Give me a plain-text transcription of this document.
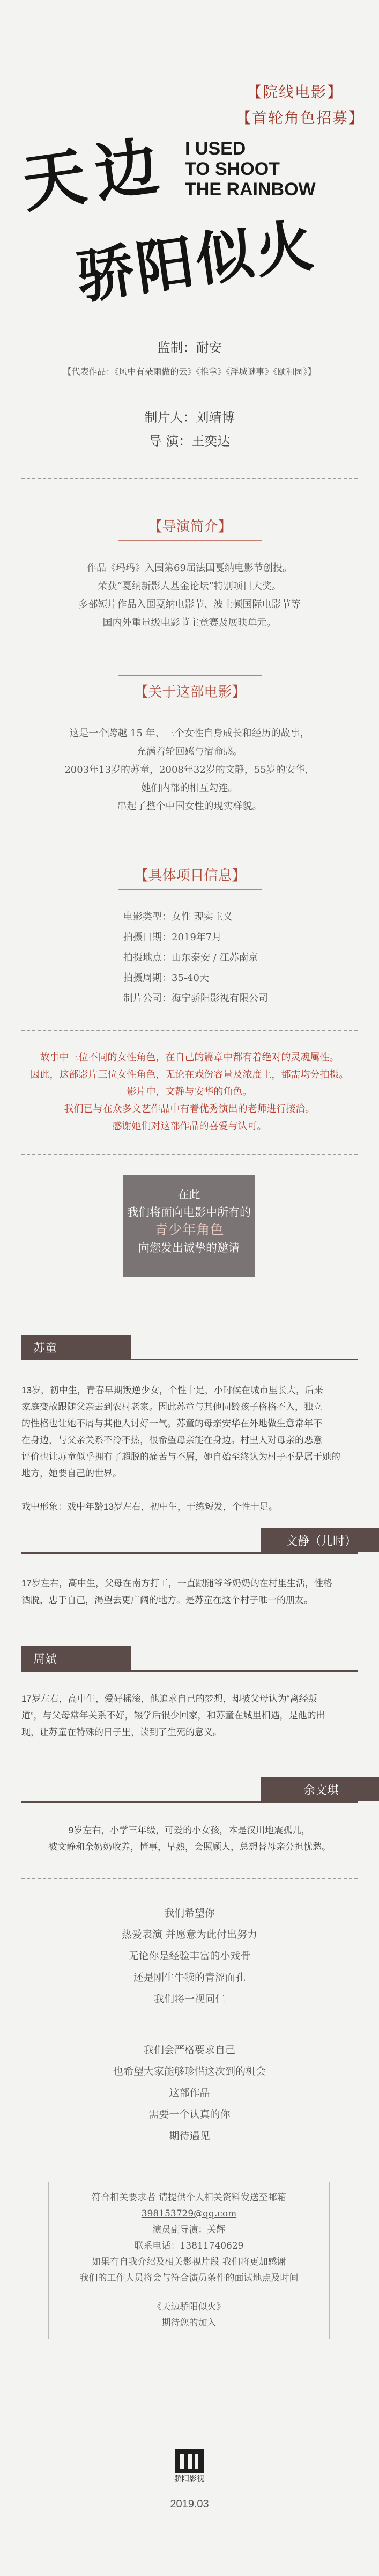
【院线电影】
【首轮角色招募】
天边
骄阳似火
I USED
TO SHOOT
THE RAINBOW
监制：耐安
【代表作品：《风中有朵雨做的云》《推拿》《浮城谜事》《颐和园》】
制片人：刘靖博
导 演：王奕达
【导演简介】
作品《玛玛》入围第69届法国戛纳电影节创投。
荣获“戛纳新影人基金论坛”特别项目大奖。
多部短片作品入围戛纳电影节、波士顿国际电影节等
国内外重量级电影节主竞赛及展映单元。
【关于这部电影】
这是一个跨越 15 年、三个女性自身成长和经历的故事，
充满着轮回感与宿命感。
2003年13岁的苏童，2008年32岁的文静，55岁的安华，
她们内部的相互勾连。
串起了整个中国女性的现实样貌。
【具体项目信息】
电影类型：女性 现实主义
拍摄日期：2019年7月
拍摄地点：山东泰安 / 江苏南京
拍摄周期：35-40天
制片公司：海宁骄阳影视有限公司
故事中三位不同的女性角色，在自己的篇章中都有着绝对的灵魂属性。
因此，这部影片三位女性角色，无论在戏份容量及浓度上，都需均分拍摄。
影片中，文静与安华的角色。
我们已与在众多文艺作品中有着优秀演出的老师进行接洽。
感谢她们对这部作品的喜爱与认可。
在此
我们将面向电影中所有的
青少年角色
向您发出诚挚的邀请
苏童
13岁，初中生，青春早期叛逆少女，个性十足，小时候在城市里长大，后来
家庭变故跟随父亲去到农村老家。因此苏童与其他同龄孩子格格不入，独立
的性格也让她不屑与其他人讨好一气。苏童的母亲安华在外地做生意常年不
在身边，与父亲关系不冷不热，很希望母亲能在身边。村里人对母亲的恶意
评价也让苏童似乎拥有了超脱的痛苦与不屑，她自始至终认为村子不是属于她的
地方，她要自己的世界。
戏中形象：戏中年龄13岁左右，初中生，干练短发，个性十足。
文静（儿时）
17岁左右，高中生，父母在南方打工，一直跟随爷爷奶奶的在村里生活，性格
洒脱，忠于自己，渴望去更广阔的地方。是苏童在这个村子唯一的朋友。
周斌
17岁左右，高中生，爱好摇滚，他追求自己的梦想，却被父母认为“离经叛
道”，与父母常年关系不好，辍学后很少回家，和苏童在城里相遇，是他的出
现，让苏童在特殊的日子里，读到了生死的意义。
余文琪
9岁左右，小学三年级，可爱的小女孩，本是汉川地震孤儿，
被文静和余奶奶收养，懂事，早熟，会照顾人，总想替母亲分担忧愁。
我们希望你
热爱表演 并愿意为此付出努力
无论你是经验丰富的小戏骨
还是刚生牛犊的青涩面孔
我们将一视同仁
我们会严格要求自己
也希望大家能够珍惜这次到的机会
这部作品
需要一个认真的你
期待遇见
符合相关要求者 请提供个人相关资料发送至邮箱
398153729@qq.com
演员副导演：关辉
联系电话：13811740629
如果有自我介绍及相关影视片段 我们将更加感谢
我们的工作人员将会与符合演员条件的面试地点及时间
《天边骄阳似火》
期待您的加入
骄阳影视
2019.03
